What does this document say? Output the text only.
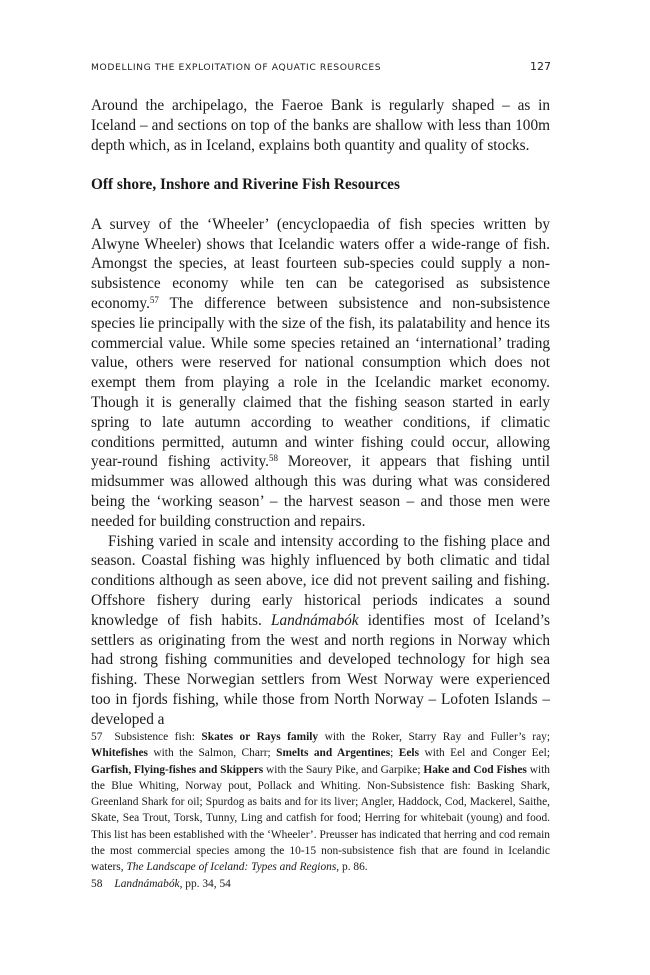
MODELLING THE EXPLOITATION OF AQUATIC RESOURCES	127

Around the archipelago, the Faeroe Bank is regularly shaped – as in Iceland – and sections on top of the banks are shallow with less than 100m depth which, as in Iceland, explains both quantity and quality of stocks.

Off shore, Inshore and Riverine Fish Resources

A survey of the ‘Wheeler’ (encyclopaedia of fish species written by Alwyne Wheeler) shows that Icelandic waters offer a wide-range of fish. Amongst the species, at least fourteen sub-species could supply a non-subsistence economy while ten can be categorised as subsistence economy.$^{57}$ The difference between subsistence and non-subsistence species lie principally with the size of the fish, its palatability and hence its commercial value. While some species retained an ‘international’ trading value, others were reserved for national consumption which does not exempt them from playing a role in the Icelandic market economy. Though it is generally claimed that the fishing season started in early spring to late autumn according to weather conditions, if climatic conditions permitted, autumn and winter fishing could occur, allowing year-round fishing activity.$^{58}$ Moreover, it appears that fishing until midsummer was allowed although this was during what was considered being the ‘working season’ – the harvest season – and those men were needed for building construction and repairs.

Fishing varied in scale and intensity according to the fishing place and season. Coastal fishing was highly influenced by both climatic and tidal conditions although as seen above, ice did not prevent sailing and fishing. Offshore fishery during early historical periods indicates a sound knowledge of fish habits. Landnámabók identifies most of Iceland’s settlers as originating from the west and north regions in Norway which had strong fishing communities and developed technology for high sea fishing. These Norwegian settlers from West Norway were experienced too in fjords fishing, while those from North Norway – Lofoten Islands – developed a

57 Subsistence fish: Skates or Rays family with the Roker, Starry Ray and Fuller’s ray; Whitefishes with the Salmon, Charr; Smelts and Argentines; Eels with Eel and Conger Eel; Garfish, Flying-fishes and Skippers with the Saury Pike, and Garpike; Hake and Cod Fishes with the Blue Whiting, Norway pout, Pollack and Whiting. Non-Subsistence fish: Basking Shark, Greenland Shark for oil; Spurdog as baits and for its liver; Angler, Haddock, Cod, Mackerel, Saithe, Skate, Sea Trout, Torsk, Tunny, Ling and catfish for food; Herring for whitebait (young) and food. This list has been established with the ‘Wheeler’. Preusser has indicated that herring and cod remain the most commercial species among the 10-15 non-subsistence fish that are found in Icelandic waters, The Landscape of Iceland: Types and Regions, p. 86.

58 Landnámabók, pp. 34, 54
